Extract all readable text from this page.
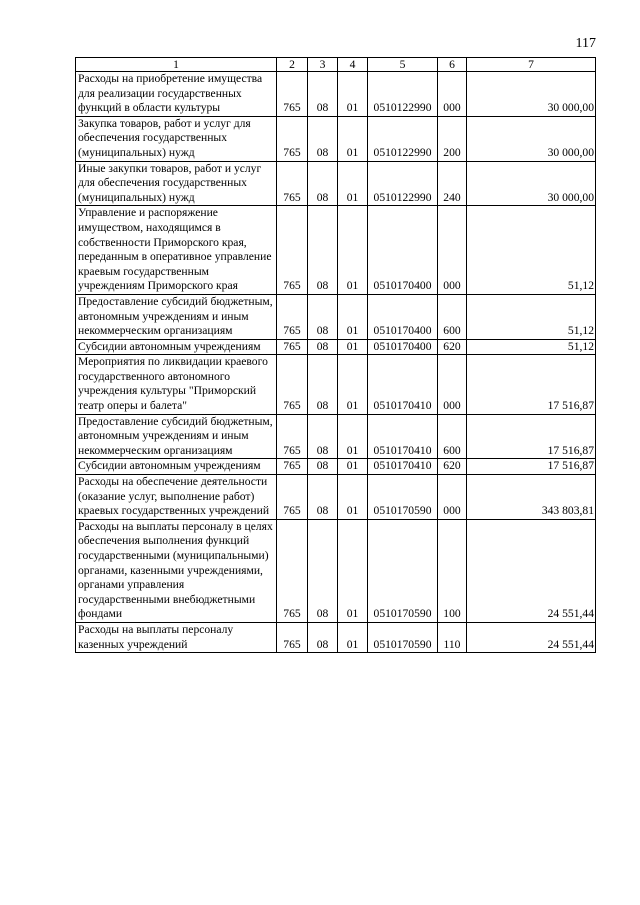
117
1	2	3	4	5	6	7
Расходы на приобретение имущества для реализации государственных функций в области культуры	765	08	01	0510122990	000	30 000,00
Закупка товаров, работ и услуг для обеспечения государственных (муниципальных) нужд	765	08	01	0510122990	200	30 000,00
Иные закупки товаров, работ и услуг для обеспечения государственных (муниципальных) нужд	765	08	01	0510122990	240	30 000,00
Управление и распоряжение имуществом, находящимся в собственности Приморского края, переданным в оперативное управление краевым государственным учреждениям Приморского края	765	08	01	0510170400	000	51,12
Предоставление субсидий бюджетным, автономным учреждениям и иным некоммерческим организациям	765	08	01	0510170400	600	51,12
Субсидии автономным учреждениям	765	08	01	0510170400	620	51,12
Мероприятия по ликвидации краевого государственного автономного учреждения культуры "Приморский театр оперы и балета"	765	08	01	0510170410	000	17 516,87
Предоставление субсидий бюджетным, автономным учреждениям и иным некоммерческим организациям	765	08	01	0510170410	600	17 516,87
Субсидии автономным учреждениям	765	08	01	0510170410	620	17 516,87
Расходы на обеспечение деятельности (оказание услуг, выполнение работ) краевых государственных учреждений	765	08	01	0510170590	000	343 803,81
Расходы на выплаты персоналу в целях обеспечения выполнения функций государственными (муниципальными) органами, казенными учреждениями, органами управления государственными внебюджетными фондами	765	08	01	0510170590	100	24 551,44
Расходы на выплаты персоналу казенных учреждений	765	08	01	0510170590	110	24 551,44
